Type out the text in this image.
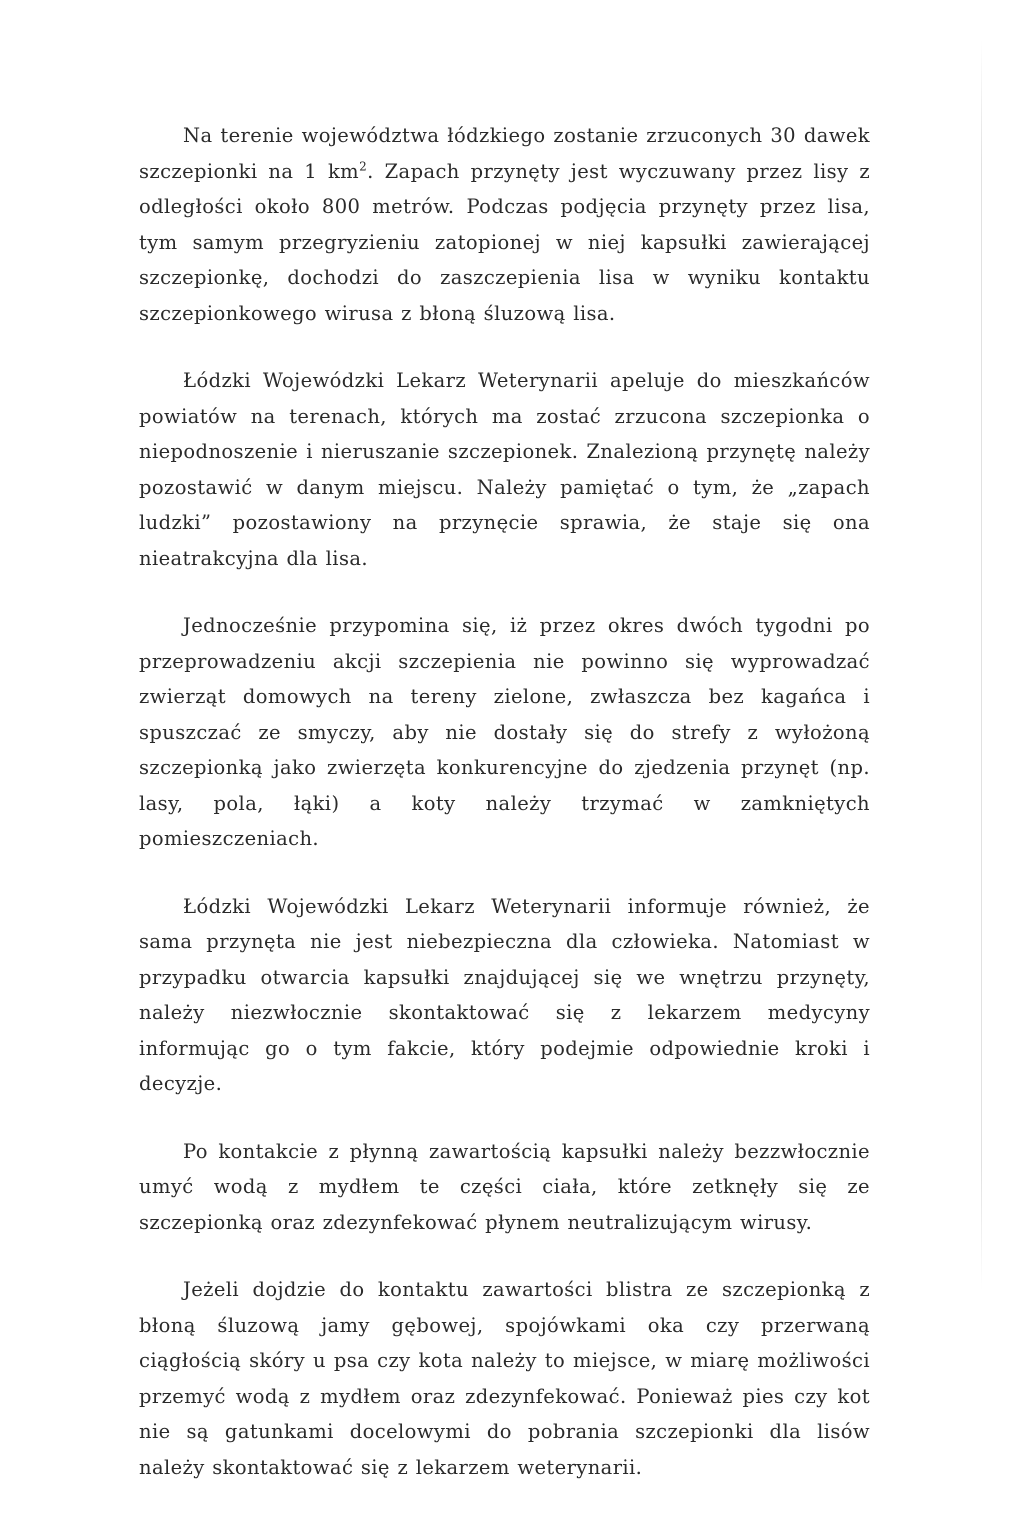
Na terenie województwa łódzkiego zostanie zrzuconych 30 dawek szczepionki na 1 $km^2$. Zapach przynęty jest wyczuwany przez lisy z odległości około 800 metrów. Podczas podjęcia przynęty przez lisa, tym samym przegryzieniu zatopionej w niej kapsułki zawierającej szczepionkę, dochodzi do zaszczepienia lisa w wyniku kontaktu szczepionkowego wirusa z błoną śluzową lisa.

Łódzki Wojewódzki Lekarz Weterynarii apeluje do mieszkańców powiatów na terenach, których ma zostać zrzucona szczepionka o niepodnoszenie i nieruszanie szczepionek. Znalezioną przynętę należy pozostawić w danym miejscu. Należy pamiętać o tym, że „zapach ludzki” pozostawiony na przynęcie sprawia, że staje się ona nieatrakcyjna dla lisa.

Jednocześnie przypomina się, iż przez okres dwóch tygodni po przeprowadzeniu akcji szczepienia nie powinno się wyprowadzać zwierząt domowych na tereny zielone, zwłaszcza bez kagańca i spuszczać ze smyczy, aby nie dostały się do strefy z wyłożoną szczepionką jako zwierzęta konkurencyjne do zjedzenia przynęt (np. lasy, pola, łąki) a koty należy trzymać w zamkniętych pomieszczeniach.

Łódzki Wojewódzki Lekarz Weterynarii informuje również, że sama przynęta nie jest niebezpieczna dla człowieka. Natomiast w przypadku otwarcia kapsułki znajdującej się we wnętrzu przynęty, należy niezwłocznie skontaktować się z lekarzem medycyny informując go o tym fakcie, który podejmie odpowiednie kroki i decyzje.

Po kontakcie z płynną zawartością kapsułki należy bezzwłocznie umyć wodą z mydłem te części ciała, które zetknęły się ze szczepionką oraz zdezynfekować płynem neutralizującym wirusy.

Jeżeli dojdzie do kontaktu zawartości blistra ze szczepionką z błoną śluzową jamy gębowej, spojówkami oka czy przerwaną ciągłością skóry u psa czy kota należy to miejsce, w miarę możliwości przemyć wodą z mydłem oraz zdezynfekować. Ponieważ pies czy kot nie są gatunkami docelowymi do pobrania szczepionki dla lisów należy skontaktować się z lekarzem weterynarii.
